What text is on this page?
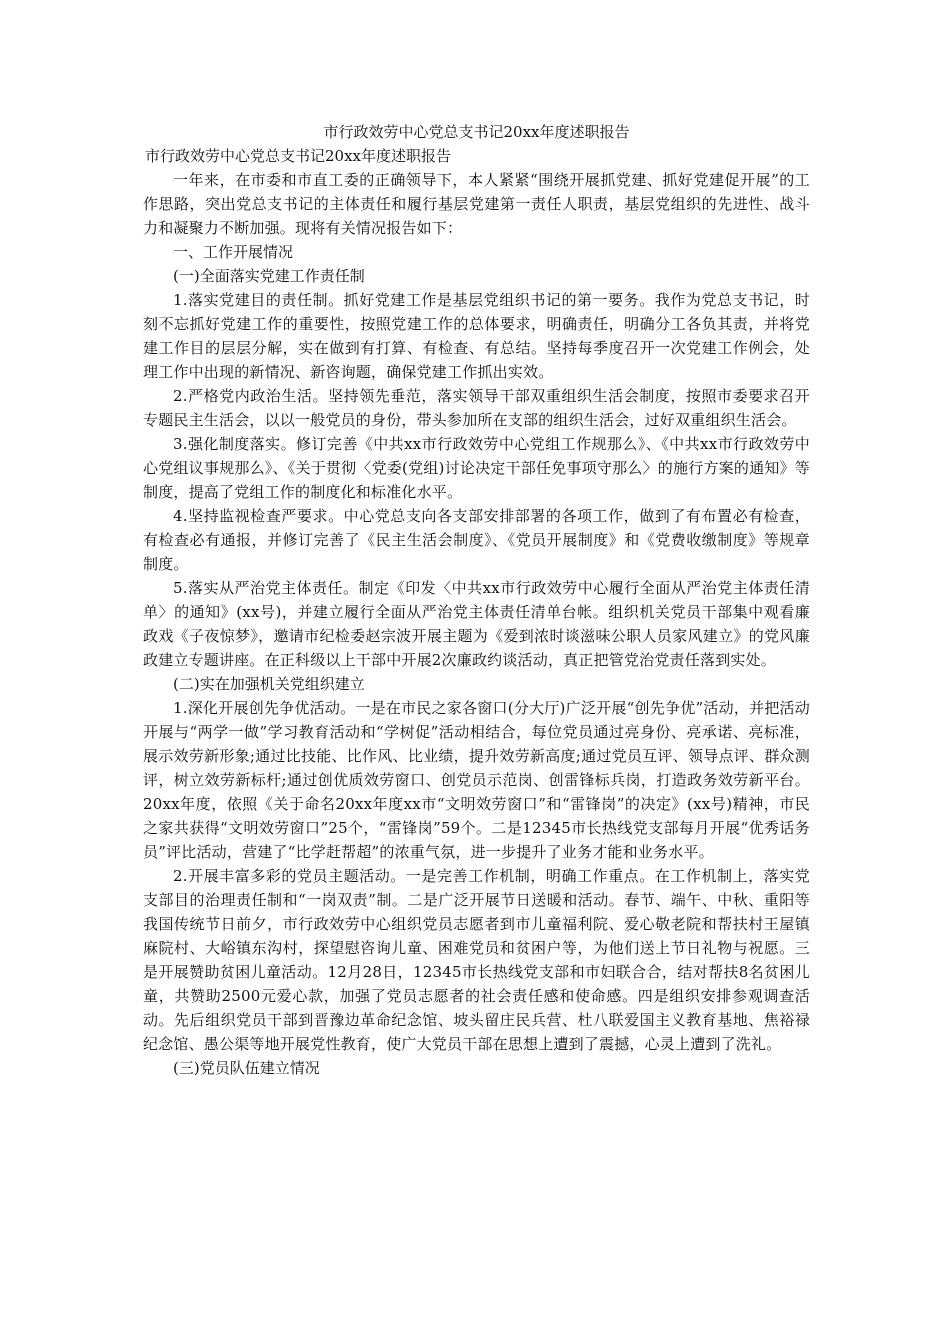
市行政效劳中心党总支书记20xx年度述职报告
市行政效劳中心党总支书记20xx年度述职报告

一年来，在市委和市直工委的正确领导下，本人紧紧“围绕开展抓党建、抓好党建促开展”的工作思路，突出党总支书记的主体责任和履行基层党建第一责任人职责，基层党组织的先进性、战斗力和凝聚力不断加强。现将有关情况报告如下：

一、工作开展情况

(一)全面落实党建工作责任制

1.落实党建目的责任制。抓好党建工作是基层党组织书记的第一要务。我作为党总支书记，时刻不忘抓好党建工作的重要性，按照党建工作的总体要求，明确责任，明确分工各负其责，并将党建工作目的层层分解，实在做到有打算、有检查、有总结。坚持每季度召开一次党建工作例会，处理工作中出现的新情况、新咨询题，确保党建工作抓出实效。

2.严格党内政治生活。坚持领先垂范，落实领导干部双重组织生活会制度，按照市委要求召开专题民主生活会，以以一般党员的身份，带头参加所在支部的组织生活会，过好双重组织生活会。

3.强化制度落实。修订完善《中共xx市行政效劳中心党组工作规那么》、《中共xx市行政效劳中心党组议事规那么》、《关于贯彻〈党委(党组)讨论决定干部任免事项守那么〉的施行方案的通知》等制度，提高了党组工作的制度化和标准化水平。

4.坚持监视检查严要求。中心党总支向各支部安排部署的各项工作，做到了有布置必有检查，有检查必有通报，并修订完善了《民主生活会制度》、《党员开展制度》和《党费收缴制度》等规章制度。

5.落实从严治党主体责任。制定《印发〈中共xx市行政效劳中心履行全面从严治党主体责任清单〉的通知》(xx号)，并建立履行全面从严治党主体责任清单台帐。组织机关党员干部集中观看廉政戏《子夜惊梦》，邀请市纪检委赵宗波开展主题为《爱到浓时谈滋味公职人员家风建立》的党风廉政建立专题讲座。在正科级以上干部中开展2次廉政约谈活动，真正把管党治党责任落到实处。

(二)实在加强机关党组织建立

1.深化开展创先争优活动。一是在市民之家各窗口(分大厅)广泛开展“创先争优”活动，并把活动开展与“两学一做”学习教育活动和“学树促”活动相结合，每位党员通过亮身份、亮承诺、亮标准，展示效劳新形象;通过比技能、比作风、比业绩，提升效劳新高度;通过党员互评、领导点评、群众测评，树立效劳新标杆;通过创优质效劳窗口、创党员示范岗、创雷锋标兵岗，打造政务效劳新平台。20xx年度，依照《关于命名20xx年度xx市“文明效劳窗口”和“雷锋岗”的决定》(xx号)精神，市民之家共获得“文明效劳窗口”25个，“雷锋岗”59个。二是12345市长热线党支部每月开展“优秀话务员”评比活动，营建了“比学赶帮超”的浓重气氛，进一步提升了业务才能和业务水平。

2.开展丰富多彩的党员主题活动。一是完善工作机制，明确工作重点。在工作机制上，落实党支部目的治理责任制和“一岗双责”制。二是广泛开展节日送暖和活动。春节、端午、中秋、重阳等我国传统节日前夕，市行政效劳中心组织党员志愿者到市儿童福利院、爱心敬老院和帮扶村王屋镇麻院村、大峪镇东沟村，探望慰咨询儿童、困难党员和贫困户等，为他们送上节日礼物与祝愿。三是开展赞助贫困儿童活动。12月28日，12345市长热线党支部和市妇联合合，结对帮扶8名贫困儿童，共赞助2500元爱心款，加强了党员志愿者的社会责任感和使命感。四是组织安排参观调查活动。先后组织党员干部到晋豫边革命纪念馆、坡头留庄民兵营、杜八联爱国主义教育基地、焦裕禄纪念馆、愚公渠等地开展党性教育，使广大党员干部在思想上遭到了震撼，心灵上遭到了洗礼。

(三)党员队伍建立情况
